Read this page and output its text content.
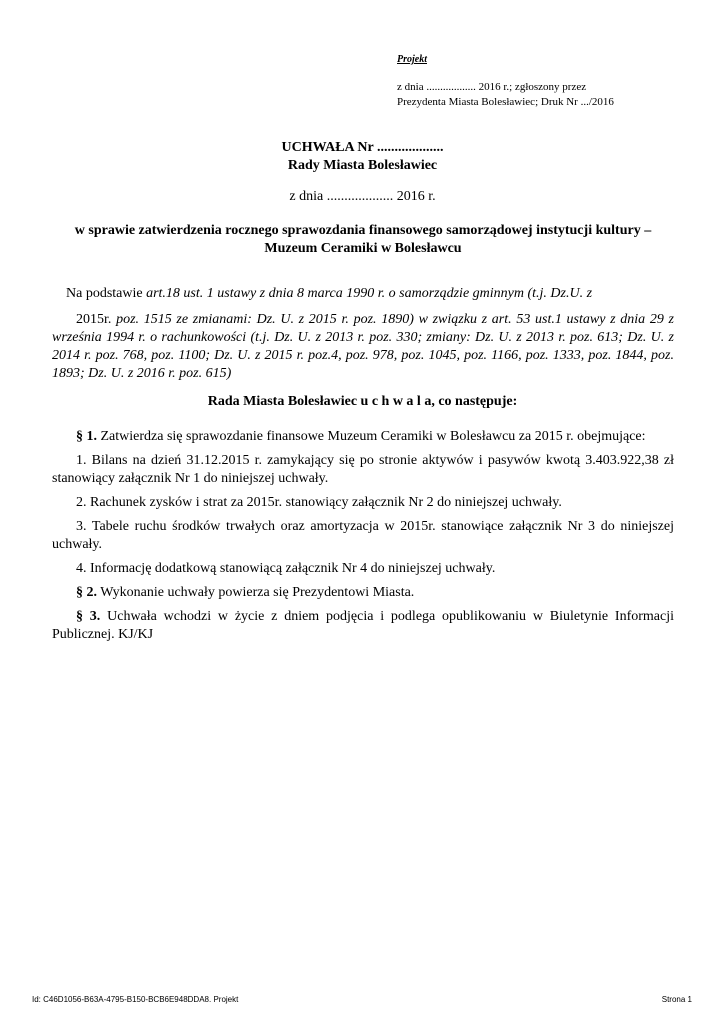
Projekt
z dnia .................. 2016 r.; zgłoszony przez
Prezydenta Miasta Bolesławiec; Druk Nr .../2016
UCHWAŁA Nr ...................
Rady Miasta Bolesławiec
z dnia ................... 2016 r.
w sprawie zatwierdzenia rocznego sprawozdania finansowego samorządowej instytucji kultury – Muzeum Ceramiki w Bolesławcu

Na podstawie art.18 ust. 1 ustawy z dnia 8 marca 1990 r. o samorządzie gminnym (t.j. Dz.U. z

2015r. poz. 1515 ze zmianami: Dz. U. z 2015 r. poz. 1890) w związku z art. 53 ust.1 ustawy z dnia 29 z września 1994 r. o rachunkowości (t.j. Dz. U. z 2013 r. poz. 330; zmiany: Dz. U. z 2013 r. poz. 613; Dz. U. z 2014 r. poz. 768, poz. 1100; Dz. U. z 2015 r. poz.4, poz. 978, poz. 1045, poz. 1166, poz. 1333, poz. 1844, poz. 1893; Dz. U. z 2016 r. poz. 615)

Rada Miasta Bolesławiec u c h w a l a, co następuje:

§ 1. Zatwierdza się sprawozdanie finansowe Muzeum Ceramiki w Bolesławcu za 2015 r. obejmujące:

1. Bilans na dzień 31.12.2015 r. zamykający się po stronie aktywów i pasywów kwotą 3.403.922,38 zł stanowiący załącznik Nr 1 do niniejszej uchwały.

2. Rachunek zysków i strat za 2015r. stanowiący załącznik Nr 2 do niniejszej uchwały.

3. Tabele ruchu środków trwałych oraz amortyzacja w 2015r. stanowiące załącznik Nr 3 do niniejszej uchwały.

4. Informację dodatkową stanowiącą załącznik Nr 4 do niniejszej uchwały.

§ 2. Wykonanie uchwały powierza się Prezydentowi Miasta.

§ 3. Uchwała wchodzi w życie z dniem podjęcia i podlega opublikowaniu w Biuletynie Informacji Publicznej. KJ/KJ

Id: C46D1056-B63A-4795-B150-BCB6E948DDA8. Projekt	Strona 1
